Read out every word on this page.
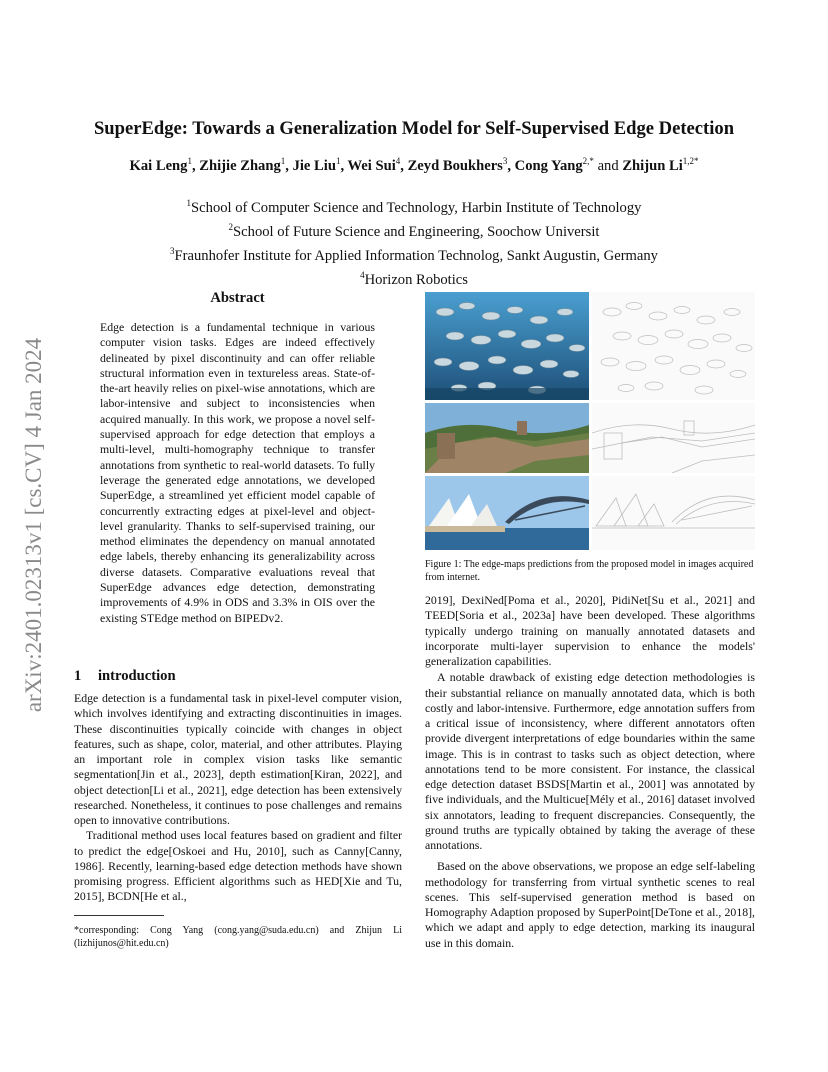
arXiv:2401.02313v1 [cs.CV] 4 Jan 2024
SuperEdge: Towards a Generalization Model for Self-Supervised Edge Detection
Kai Leng$^1$, Zhijie Zhang$^1$, Jie Liu$^1$, Wei Sui$^4$, Zeyd Boukhers$^3$, Cong Yang$^{2,*}$ and Zhijun $Li^{1,2*}$
$^1$School of Computer Science and Technology, Harbin Institute of Technology
$^2$School of Future Science and Engineering, Soochow Universit
$^3$Fraunhofer Institute for Applied Information Technolog, Sankt Augustin, Germany
$^4$Horizon Robotics
Abstract
Edge detection is a fundamental technique in various computer vision tasks. Edges are indeed effectively delineated by pixel discontinuity and can offer reliable structural information even in textureless areas. State-of-the-art heavily relies on pixel-wise annotations, which are labor-intensive and subject to inconsistencies when acquired manually. In this work, we propose a novel self-supervised approach for edge detection that employs a multi-level, multi-homography technique to transfer annotations from synthetic to real-world datasets. To fully leverage the generated edge annotations, we developed SuperEdge, a streamlined yet efficient model capable of concurrently extracting edges at pixel-level and object-level granularity. Thanks to self-supervised training, our method eliminates the dependency on manual annotated edge labels, thereby enhancing its generalizability across diverse datasets. Comparative evaluations reveal that SuperEdge advances edge detection, demonstrating improvements of 4.9% in ODS and 3.3% in OIS over the existing STEdge method on BIPEDv2.
1 introduction

Edge detection is a fundamental task in pixel-level computer vision, which involves identifying and extracting discontinuities in images. These discontinuities typically coincide with changes in object features, such as shape, color, material, and other attributes. Playing an important role in complex vision tasks like semantic segmentation[Jin et al., 2023], depth estimation[Kiran, 2022], and object detection[Li et al., 2021], edge detection has been extensively researched. Nonetheless, it continues to pose challenges and remains open to innovative contributions.

Traditional method uses local features based on gradient and filter to predict the edge[Oskoei and Hu, 2010], such as Canny[Canny, 1986]. Recently, learning-based edge detection methods have shown promising progress. Efficient algorithms such as HED[Xie and Tu, 2015], BCDN[He et al.,

*corresponding: Cong Yang (cong.yang@suda.edu.cn) and Zhijun Li (lizhijunos@hit.edu.cn)
Figure 1: The edge-maps predictions from the proposed model in images acquired from internet.

2019], DexiNed[Poma et al., 2020], PidiNet[Su et al., 2021] and TEED[Soria et al., 2023a] have been developed. These algorithms typically undergo training on manually annotated datasets and incorporate multi-layer supervision to enhance the models' generalization capabilities.

A notable drawback of existing edge detection methodologies is their substantial reliance on manually annotated data, which is both costly and labor-intensive. Furthermore, edge annotation suffers from a critical issue of inconsistency, where different annotators often provide divergent interpretations of edge boundaries within the same image. This is in contrast to tasks such as object detection, where annotations tend to be more consistent. For instance, the classical edge detection dataset BSDS[Martin et al., 2001] was annotated by five individuals, and the Multicue[Mély et al., 2016] dataset involved six annotators, leading to frequent discrepancies. Consequently, the ground truths are typically obtained by taking the average of these annotations.

Based on the above observations, we propose an edge self-labeling methodology for transferring from virtual synthetic scenes to real scenes. This self-supervised generation method is based on Homography Adaption proposed by SuperPoint[DeTone et al., 2018], which we adapt and apply to edge detection, marking its inaugural use in this domain.
